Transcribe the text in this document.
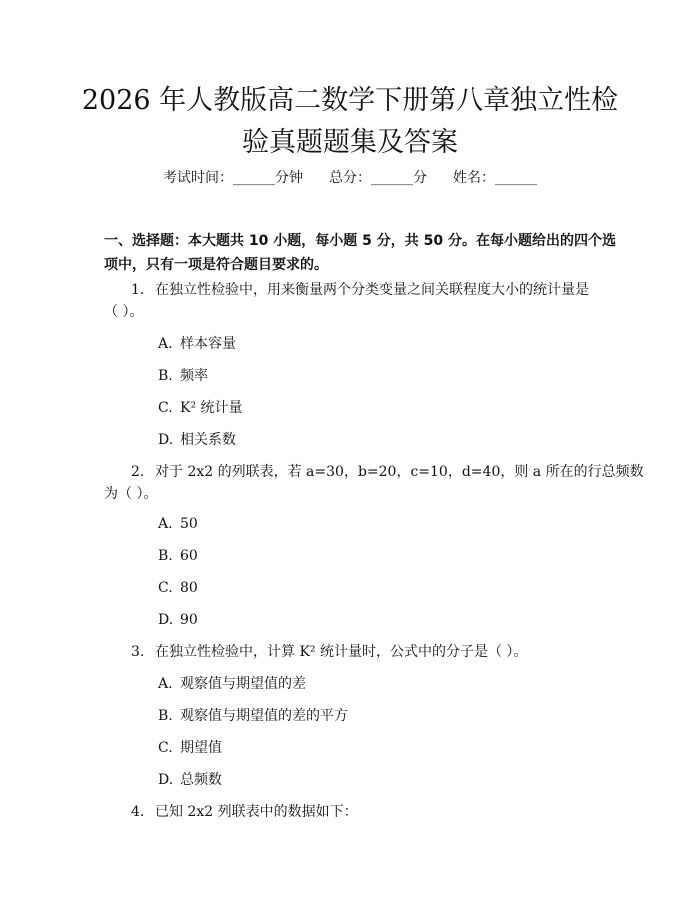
2026 年人教版高二数学下册第八章独立性检
验真题题集及答案
考试时间：______分钟 总分：______分 姓名：______
一、选择题：本大题共 10 小题，每小题 5 分，共 50 分。在每小题给出的四个选
项中，只有一项是符合题目要求的。
1. 在独立性检验中，用来衡量两个分类变量之间关联程度大小的统计量是
（ ）。
A. 样本容量
B. 频率
C. K² 统计量
D. 相关系数
2. 对于 2x2 的列联表，若 a=30，b=20，c=10，d=40，则 a 所在的行总频数
为（ ）。
A. 50
B. 60
C. 80
D. 90
3. 在独立性检验中，计算 K² 统计量时，公式中的分子是（ ）。
A. 观察值与期望值的差
B. 观察值与期望值的差的平方
C. 期望值
D. 总频数
4. 已知 2x2 列联表中的数据如下：
